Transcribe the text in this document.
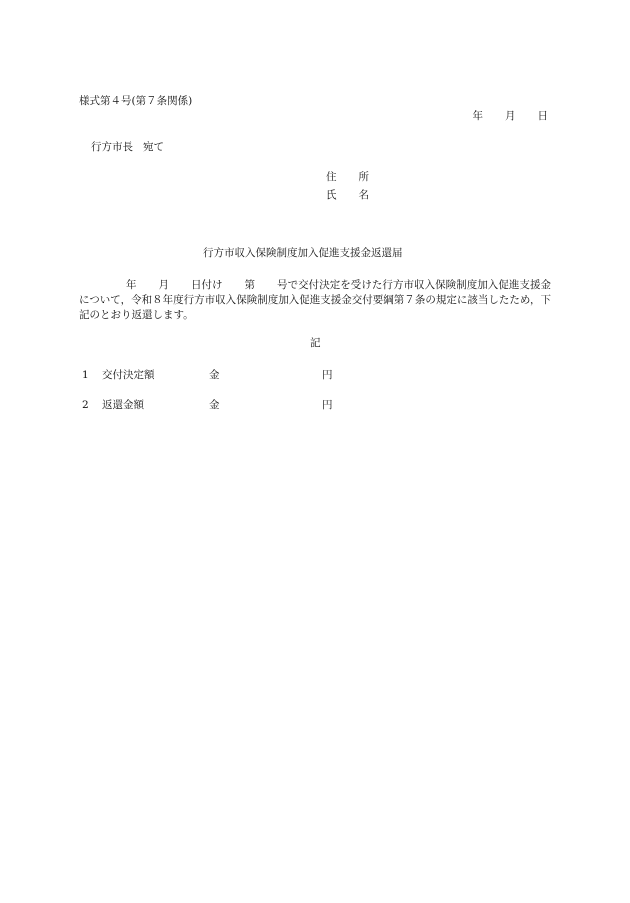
様式第４号(第７条関係)
年 月 日
行方市長 宛て
住 所
氏 名
行方市収入保険制度加入促進支援金返還届
年 月 日付け 第 号で交付決定を受けた行方市収入保険制度加入促進支援金について，令和８年度行方市収入保険制度加入促進支援金交付要綱第７条の規定に該当したため，下記のとおり返還します。
記
1 交付決定額	金	円
2 返還金額	金	円
